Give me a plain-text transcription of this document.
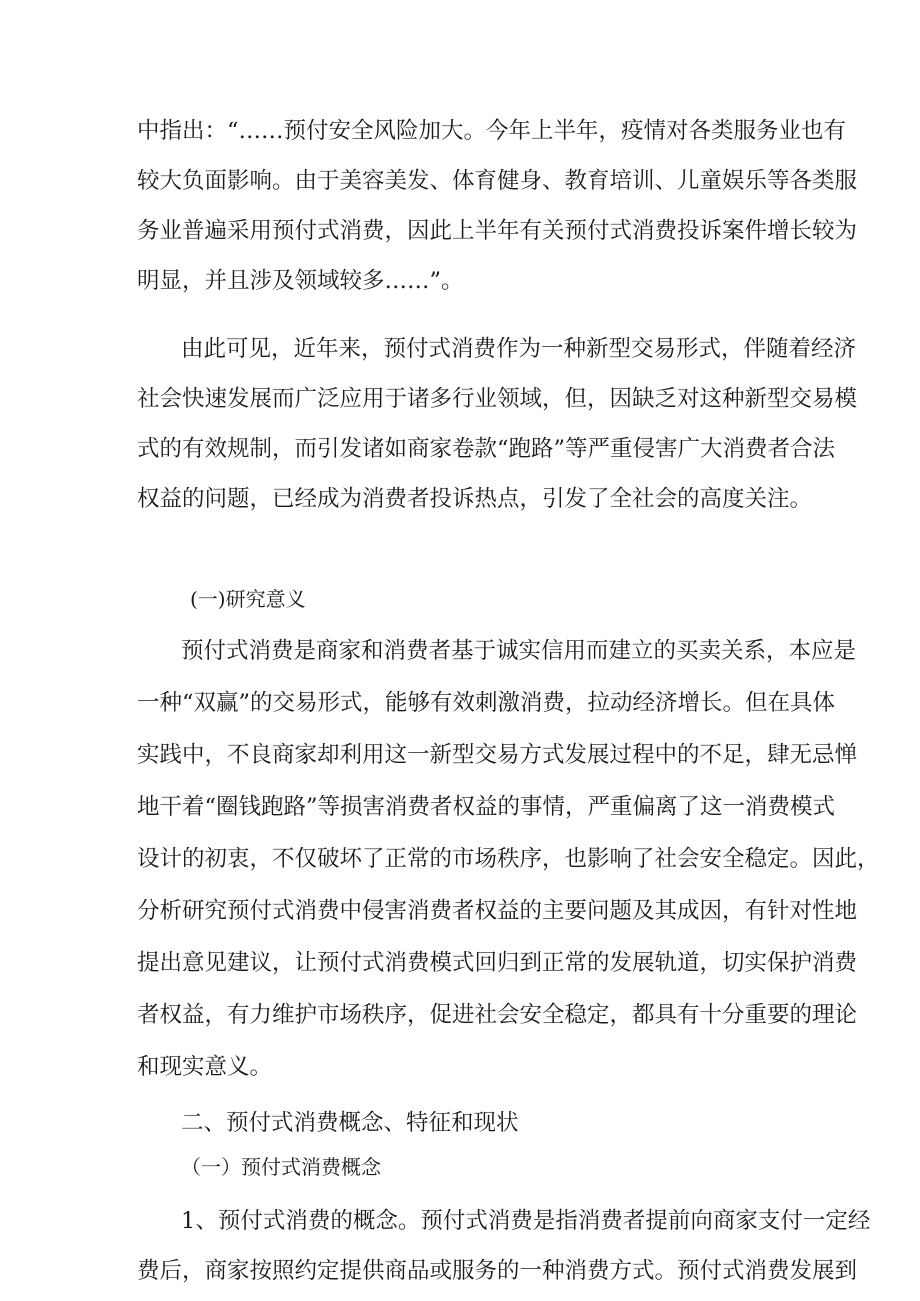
中指出：“……预付安全风险加大。今年上半年，疫情对各类服务业也有
较大负面影响。由于美容美发、体育健身、教育培训、儿童娱乐等各类服
务业普遍采用预付式消费，因此上半年有关预付式消费投诉案件增长较为
明显，并且涉及领域较多……”。
由此可见，近年来，预付式消费作为一种新型交易形式，伴随着经济
社会快速发展而广泛应用于诸多行业领域，但，因缺乏对这种新型交易模
式的有效规制，而引发诸如商家卷款“跑路”等严重侵害广大消费者合法
权益的问题，已经成为消费者投诉热点，引发了全社会的高度关注。
(一)研究意义
预付式消费是商家和消费者基于诚实信用而建立的买卖关系，本应是
一种“双赢”的交易形式，能够有效刺激消费，拉动经济增长。但在具体
实践中，不良商家却利用这一新型交易方式发展过程中的不足，肆无忌惮
地干着“圈钱跑路”等损害消费者权益的事情，严重偏离了这一消费模式
设计的初衷，不仅破坏了正常的市场秩序，也影响了社会安全稳定。因此，
分析研究预付式消费中侵害消费者权益的主要问题及其成因，有针对性地
提出意见建议，让预付式消费模式回归到正常的发展轨道，切实保护消费
者权益，有力维护市场秩序，促进社会安全稳定，都具有十分重要的理论
和现实意义。
二、预付式消费概念、特征和现状
（一）预付式消费概念
1、预付式消费的概念。预付式消费是指消费者提前向商家支付一定经
费后，商家按照约定提供商品或服务的一种消费方式。预付式消费发展到
